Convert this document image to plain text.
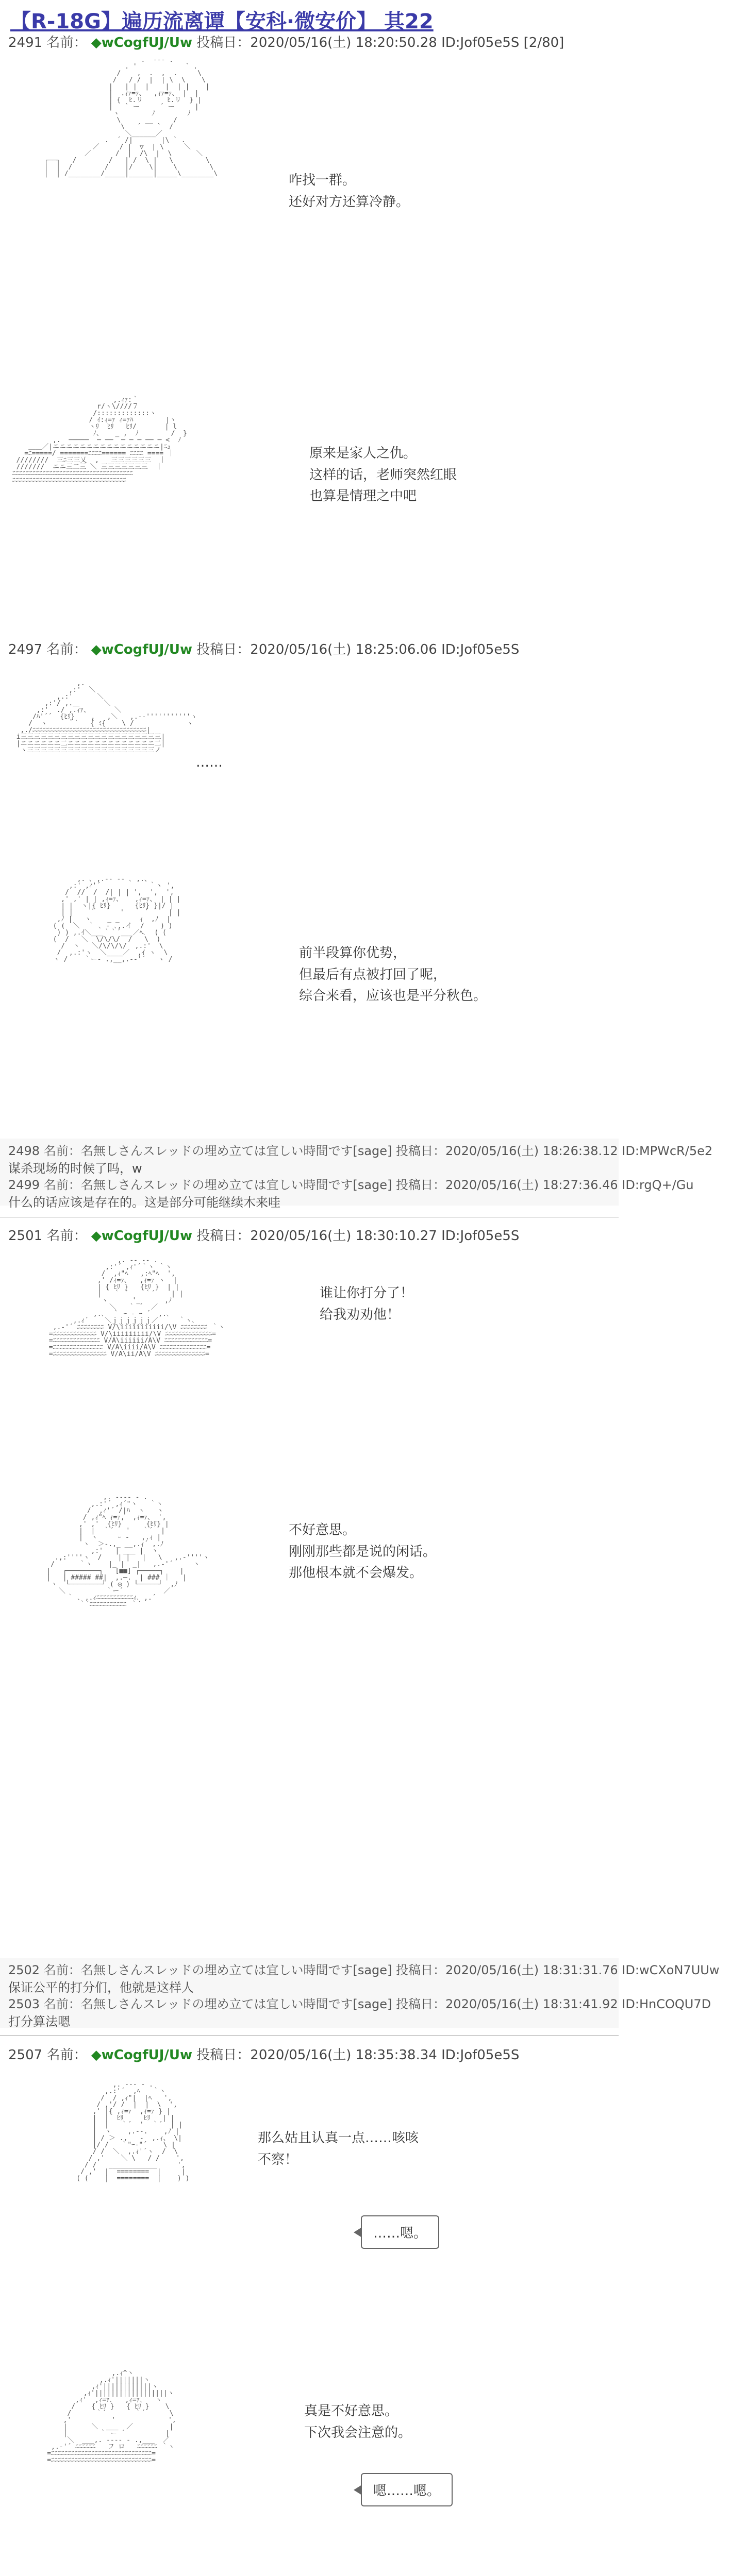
【R-18G】遍历流离谭【安科·微安价】 其22
2491 名前： ◆wCogfUJ/Uw 投稿日：2020/05/16(土) 18:20:50.28 ID:Jof05e5S [2/80]
.  --- .
. '            ` .
/    ,  .  ,  .     \
/   / /  |  | \  \    \
|   | |  |    |  | |    |
|  .ｨｧ=ｧ、  ,ｨｧ=ｧ、 |  |
| {  ﾋ.リ      ﾋ.リ  } |
|   ` ー     ´ ー     |
ヽ        ﾉ        ﾉ
\      __     /
\   ´    `  /
＼______／
.  ´ /|       |\ ` .
／     / |  ▽  | \     ＼
／      /  |  /\  |  \      ＼
┌──┐   /        /   | /  \ |   \        \
|  |  /        /    |/    \|    \        \
|  | /________/_____|______|_____\________\	咋找一群。
还好对方还算冷静。
,.ｨｧ:｀
r/ヽ\////７
/:::::::::::::ヽ
/ ｲ:ｨ=ｧ ｨ=ｧﾊ        |ヽ
ヽﾘ  ﾋﾘ   ﾋﾘ/       | l
ﾉ、   _ ,  ﾉ        /  }
,.  ─────  ─ ──  ─ ─ ─ ── ─ <  ﾉ
＿＿／|ニニニニニニニニニニニニニニニニ|ﾆｭ
=ﾆ=====/ =======ﾆﾆﾆﾆ====== ﾆﾆﾆﾆ ==== ｜
////////  三ﾆ三三乂  ,   三三三三三三  ｜
///////  ニニ三二三 ＼ 三三三三三三三  ｜
ﾆﾆﾆﾆﾆﾆﾆﾆﾆﾆﾆﾆﾆﾆﾆﾆﾆﾆﾆﾆﾆﾆﾆﾆﾆﾆﾆﾆﾆﾆﾆﾆﾆﾆﾆﾆ
ﾆﾆﾆﾆﾆﾆﾆﾆﾆﾆﾆﾆﾆﾆﾆﾆﾆﾆﾆﾆﾆﾆﾆﾆﾆﾆﾆﾆﾆﾆﾆﾆﾆﾆ
原来是家人之仇。
这样的话，老师突然红眼
也算是情理之中吧
2497 名前： ◆wCogfUJ/Uw 投稿日：2020/05/16(土) 18:25:06.06 ID:Jof05e5S
,.
,:'  ＼
,.:'      ＼
,:'/ ,.＿      ＼
,:'  ./ ,.ｨｧ、      ＼
/ﾊ'´´  {ﾋﾘ}    ,   ,＼   ,.-‐'''''''''''ヽ
/  ヽ     ｀´   { ﾐ{    \ /             ヽ
,./ﾆﾆﾆﾆﾆﾆﾆﾆﾆﾆﾆﾆﾆﾆﾆﾆﾆﾆﾆﾆﾆﾆﾆﾆﾆﾆﾆﾆﾆﾆﾆﾆﾆﾆ|
i三三三三三三三三三三三三三三三三三三三三三|
|ニニニニニニ二ニニニニニニニニニニニニニ二|
ヽ三三三三三三三三三三三三三三三三三三三ノ
……
,. ､ ,.-‐ ‐- ､ ,.、
,:' ,ｨ'´            ｀ヽ ',
/  //  /  /| | | ',  ',  ',
,' ,' | | ,ｨ=ｧ、   ,ｨ=ｧ、 | | |
| |  ヽ|{ ﾋﾘ}      {ﾋﾘ} }|/ |
| |    ｀      '     ´     | |
,ﾉ |   ヽ    _ _     ｨ  ,ﾉ  |
( (  ＼  ｀ ､ ‐ ､,.イ  /    ) )
) ) ,.ｲ＼___｀｀´___／ﾍ､  ( (
(  /   ＼  \/\/\/  /   \  )
/  ヽ   ＼/\/\/\/  ,.:'  \
/  ,.:'ヽ  ＼____／  ,ｲ ヽ  \
ヽ /    ｀ー- .,__,.-‐'´   ヽ /	前半段算你优势，
但最后有点被打回了呢，
综合来看，应该也是平分秋色。
2498 名前：名無しさんスレッドの埋め立ては宜しい時間です[sage] 投稿日：2020/05/16(土) 18:26:38.12 ID:MPWcR/5e2
谋杀现场的时候了吗，w
2499 名前：名無しさんスレッドの埋め立ては宜しい時間です[sage] 投稿日：2020/05/16(土) 18:27:36.46 ID:rgQ+/Gu
什么的话应该是存在的。这是部分可能继续木来哇
2501 名前： ◆wCogfUJ/Uw 投稿日：2020/05/16(土) 18:30:10.27 ID:Jof05e5S
,. -‐ ‐- .
,:'´ ,ｨ'´｀ヽ ｀ヽ
/  ,ｨ"ﾍ   ,:ﾍ"ﾍ  ',
,' /ｨ=ｧ､   ,ｨ=ｧ ヽ  |
| { ﾋﾘ }   {ﾋﾘ }  | |
|   ｀ ´    ｀´    | |
ヽ      '_      ,ﾉ
＼   ｀ ´  ／
,.､  ｀ ｰ ‐ ｰ ´  ,.､
,.ｨ´    ＼ｊｊｊｊｊｊ／     ｀ヽ､
,.-'´ ﾆﾆﾆﾆﾆﾆﾆﾆ V/\iiiiiiiiiii/\V ﾆﾆﾆﾆﾆﾆﾆﾆ ｀ヽ
=ﾆﾆﾆﾆﾆﾆﾆﾆﾆﾆﾆﾆﾆ V/\iiiiiiiii/\V ﾆﾆﾆﾆﾆﾆﾆﾆﾆﾆﾆﾆﾆﾆ=
=ﾆﾆﾆﾆﾆﾆﾆﾆﾆﾆﾆﾆﾆﾆ V/A\iiiiii/A\V ﾆﾆﾆﾆﾆﾆﾆﾆﾆﾆﾆﾆﾆ=
=ﾆﾆﾆﾆﾆﾆﾆﾆﾆﾆﾆﾆﾆﾆﾆ V/A\iiii/A\V ﾆﾆﾆﾆﾆﾆﾆﾆﾆﾆﾆﾆﾆﾆ=
=ﾆﾆﾆﾆﾆﾆﾆﾆﾆﾆﾆﾆﾆﾆﾆﾆ V/A\ii/A\V ﾆﾆﾆﾆﾆﾆﾆﾆﾆﾆﾆﾆﾆﾆﾆ=
谁让你打分了！
给我劝劝他！
,. -‐‐‐ - .
,.:'´ ,ｨ´"ヽ   ｀ヽ
/  ,ｨ'´ /|ﾊ  ヽ   ヽ
/ ,ｨ"ﾍ ｨ=ｧ,  ,ｨ=ｧ、 ',
,' ,'  {ﾋﾘ}      {ﾋﾘ} |
|  |  ｀´   '   ｀´  |
|  ヽ     ｰ ‐   ,.ｨ |
ヽ  ＞-.,_ __,.ｨ´ ,.ﾉ
,:'   | ___ |  ヽ
.,:''''ヽ  /    | |   |   \   ,.-''''ヽ
/      ｀ヽ    |_ |  _|   ,.-'´     ヽ
|   ┌────────┐   [■■] ┌─────┐    |
|   | ##### ##|  ,.─.  | ### ｜   |
ヽ  └────────┘ ( ◎ ) └─────┘  ,ﾉ
＼          ｀ー´          ／
｀ ､ ,.ｨﾆﾆﾆﾆﾆﾆﾆﾆﾆﾆﾆｨ､ ,.´
｀´ﾆﾆﾆﾆﾆﾆﾆﾆﾆﾆﾆ ｀´
不好意思。
刚刚那些都是说的闲话。
那他根本就不会爆发。
2502 名前：名無しさんスレッドの埋め立ては宜しい時間です[sage] 投稿日：2020/05/16(土) 18:31:31.76 ID:wCXoN7UUw
保证公平的打分们，他就是这样人
2503 名前：名無しさんスレッドの埋め立ては宜しい時間です[sage] 投稿日：2020/05/16(土) 18:31:41.92 ID:HnCOQU7D
打分算法嗯
2507 名前： ◆wCogfUJ/Uw 投稿日：2020/05/16(土) 18:35:38.34 ID:Jof05e5S
,. -‐‐ - .
,.:'´  ,ﾍ   ｀ヽ
/  / ,ｨ"|  |ﾍ   ',
/ ,'/ /  |  |  \  ',
,' |{ ,ｨ=ｧ  ,ｨ=ｧ } |
|  |  ﾋﾘ     ﾋﾘ   | |
|  |   ｀´  '  ｀´  | |
|  ヽ    ,.-‐.    ,ﾉ |
| / ＞ .,   ‐  ,.ｨ、 \|
|/ /   ｀"ｰ‐"´    \ |
/ /  ＼  ,.ｨ'´ヽ  /  \
/ ,'    ＼ \   / /    ',
/ /   ____________     ',
/ ,'  |  ========  |     |
( (    |  ========  |    ) )
那么姑且认真一点……咳咳
不察！
……嗯。
,.ｨ^ヽ
,.ｨ'|||||||ヽ
,ｨ'||||||||||||ヽ
,ｨ'||||||||||||||||||ヽ
,ｨ'  ,ｨ=ｧ､   ,ｨ=ｧ､   ヽ
/    { ﾋﾘ }   { ﾋﾘ }    \
/      ｀´       ｀´      \
,'          '             ',
|      ＼  ___  ／         |
|        ｀ ー ´          |
＼  ___,. -‐‐‐ - .,___  ／
,.-'´ ﾆﾆﾆﾆﾆﾆ   フ ロ   ﾆﾆﾆﾆﾆﾆ ｀ヽ
=ﾆﾆﾆﾆﾆﾆﾆﾆﾆﾆﾆﾆﾆﾆﾆﾆﾆﾆﾆﾆﾆﾆﾆﾆﾆﾆﾆﾆﾆﾆ=
=ﾆﾆﾆﾆﾆﾆﾆﾆﾆﾆﾆﾆﾆﾆﾆﾆﾆﾆﾆﾆﾆﾆﾆﾆﾆﾆﾆﾆﾆﾆ=
真是不好意思。
下次我会注意的。
嗯……嗯。
